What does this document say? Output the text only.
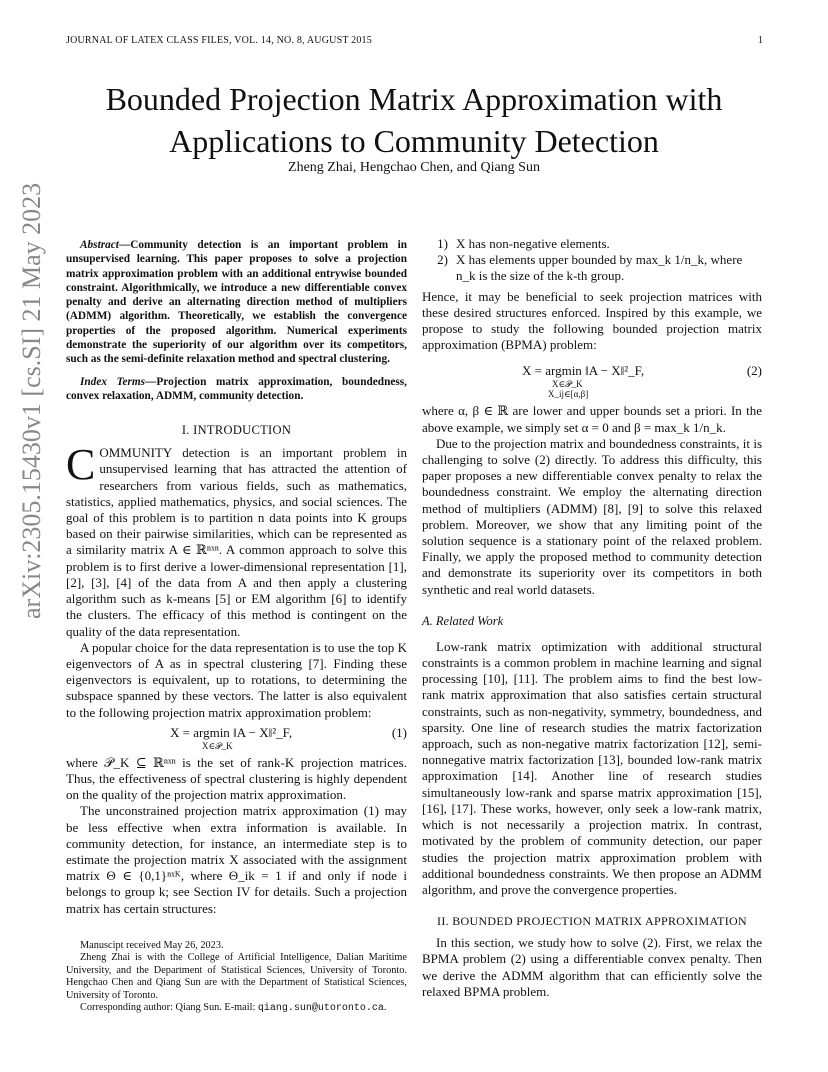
JOURNAL OF LATEX CLASS FILES, VOL. 14, NO. 8, AUGUST 2015	1
arXiv:2305.15430v1 [cs.SI] 21 May 2023
Bounded Projection Matrix Approximation with
Applications to Community Detection
Zheng Zhai, Hengchao Chen, and Qiang Sun
Abstract—Community detection is an important problem in unsupervised learning. This paper proposes to solve a projection matrix approximation problem with an additional entrywise bounded constraint. Algorithmically, we introduce a new differentiable convex penalty and derive an alternating direction method of multipliers (ADMM) algorithm. Theoretically, we establish the convergence properties of the proposed algorithm. Numerical experiments demonstrate the superiority of our algorithm over its competitors, such as the semi-definite relaxation method and spectral clustering.
Index Terms—Projection matrix approximation, boundedness, convex relaxation, ADMM, community detection.
I. INTRODUCTION
COMMUNITY detection is an important problem in unsupervised learning that has attracted the attention of researchers from various fields, such as mathematics, statistics, applied mathematics, physics, and social sciences. The goal of this problem is to partition n data points into K groups based on their pairwise similarities, which can be represented as a similarity matrix A ∈ ℝⁿˣⁿ. A common approach to solve this problem is to first derive a lower-dimensional representation [1], [2], [3], [4] of the data from A and then apply a clustering algorithm such as k-means [5] or EM algorithm [6] to identify the clusters. The efficacy of this method is contingent on the quality of the data representation.
A popular choice for the data representation is to use the top K eigenvectors of A as in spectral clustering [7]. Finding these eigenvectors is equivalent, up to rotations, to determining the subspace spanned by these vectors. The latter is also equivalent to the following projection matrix approximation problem:
X = argmin ‖A − X‖²_F,
X∈𝒫_K
(1)
where 𝒫_K ⊆ ℝⁿˣⁿ is the set of rank-K projection matrices. Thus, the effectiveness of spectral clustering is highly dependent on the quality of the projection matrix approximation.
The unconstrained projection matrix approximation (1) may be less effective when extra information is available. In community detection, for instance, an intermediate step is to estimate the projection matrix X associated with the assignment matrix Θ ∈ {0,1}ⁿˣᴷ, where Θ_ik = 1 if and only if node i belongs to group k; see Section IV for details. Such a projection matrix has certain structures:
Manuscipt received May 26, 2023.
Zheng Zhai is with the College of Artificial Intelligence, Dalian Maritime University, and the Department of Statistical Sciences, University of Toronto. Hengchao Chen and Qiang Sun are with the Department of Statistical Sciences, University of Toronto.
Corresponding author: Qiang Sun. E-mail: qiang.sun@utoronto.ca.
1) X has non-negative elements.
2) X has elements upper bounded by max_k 1/n_k, where n_k is the size of the k-th group.
Hence, it may be beneficial to seek projection matrices with these desired structures enforced. Inspired by this example, we propose to study the following bounded projection matrix approximation (BPMA) problem:
X = argmin ‖A − X‖²_F,
X∈𝒫_K
X_ij∈[α,β]
(2)
where α, β ∈ ℝ are lower and upper bounds set a priori. In the above example, we simply set α = 0 and β = max_k 1/n_k.
Due to the projection matrix and boundedness constraints, it is challenging to solve (2) directly. To address this difficulty, this paper proposes a new differentiable convex penalty to relax the boundedness constraint. We employ the alternating direction method of multipliers (ADMM) [8], [9] to solve this relaxed problem. Moreover, we show that any limiting point of the solution sequence is a stationary point of the relaxed problem. Finally, we apply the proposed method to community detection and demonstrate its superiority over its competitors in both synthetic and real world datasets.
A. Related Work
Low-rank matrix optimization with additional structural constraints is a common problem in machine learning and signal processing [10], [11]. The problem aims to find the best low-rank matrix approximation that also satisfies certain structural constraints, such as non-negativity, symmetry, boundedness, and sparsity. One line of research studies the matrix factorization approach, such as non-negative matrix factorization [12], semi-nonnegative matrix factorization [13], bounded low-rank matrix approximation [14]. Another line of research studies simultaneously low-rank and sparse matrix approximation [15], [16], [17]. These works, however, only seek a low-rank matrix, which is not necessarily a projection matrix. In contrast, motivated by the problem of community detection, our paper studies the projection matrix approximation problem with additional boundedness constraints. We then propose an ADMM algorithm, and prove the convergence properties.
II. BOUNDED PROJECTION MATRIX APPROXIMATION
In this section, we study how to solve (2). First, we relax the BPMA problem (2) using a differentiable convex penalty. Then we derive the ADMM algorithm that can efficiently solve the relaxed BPMA problem.
